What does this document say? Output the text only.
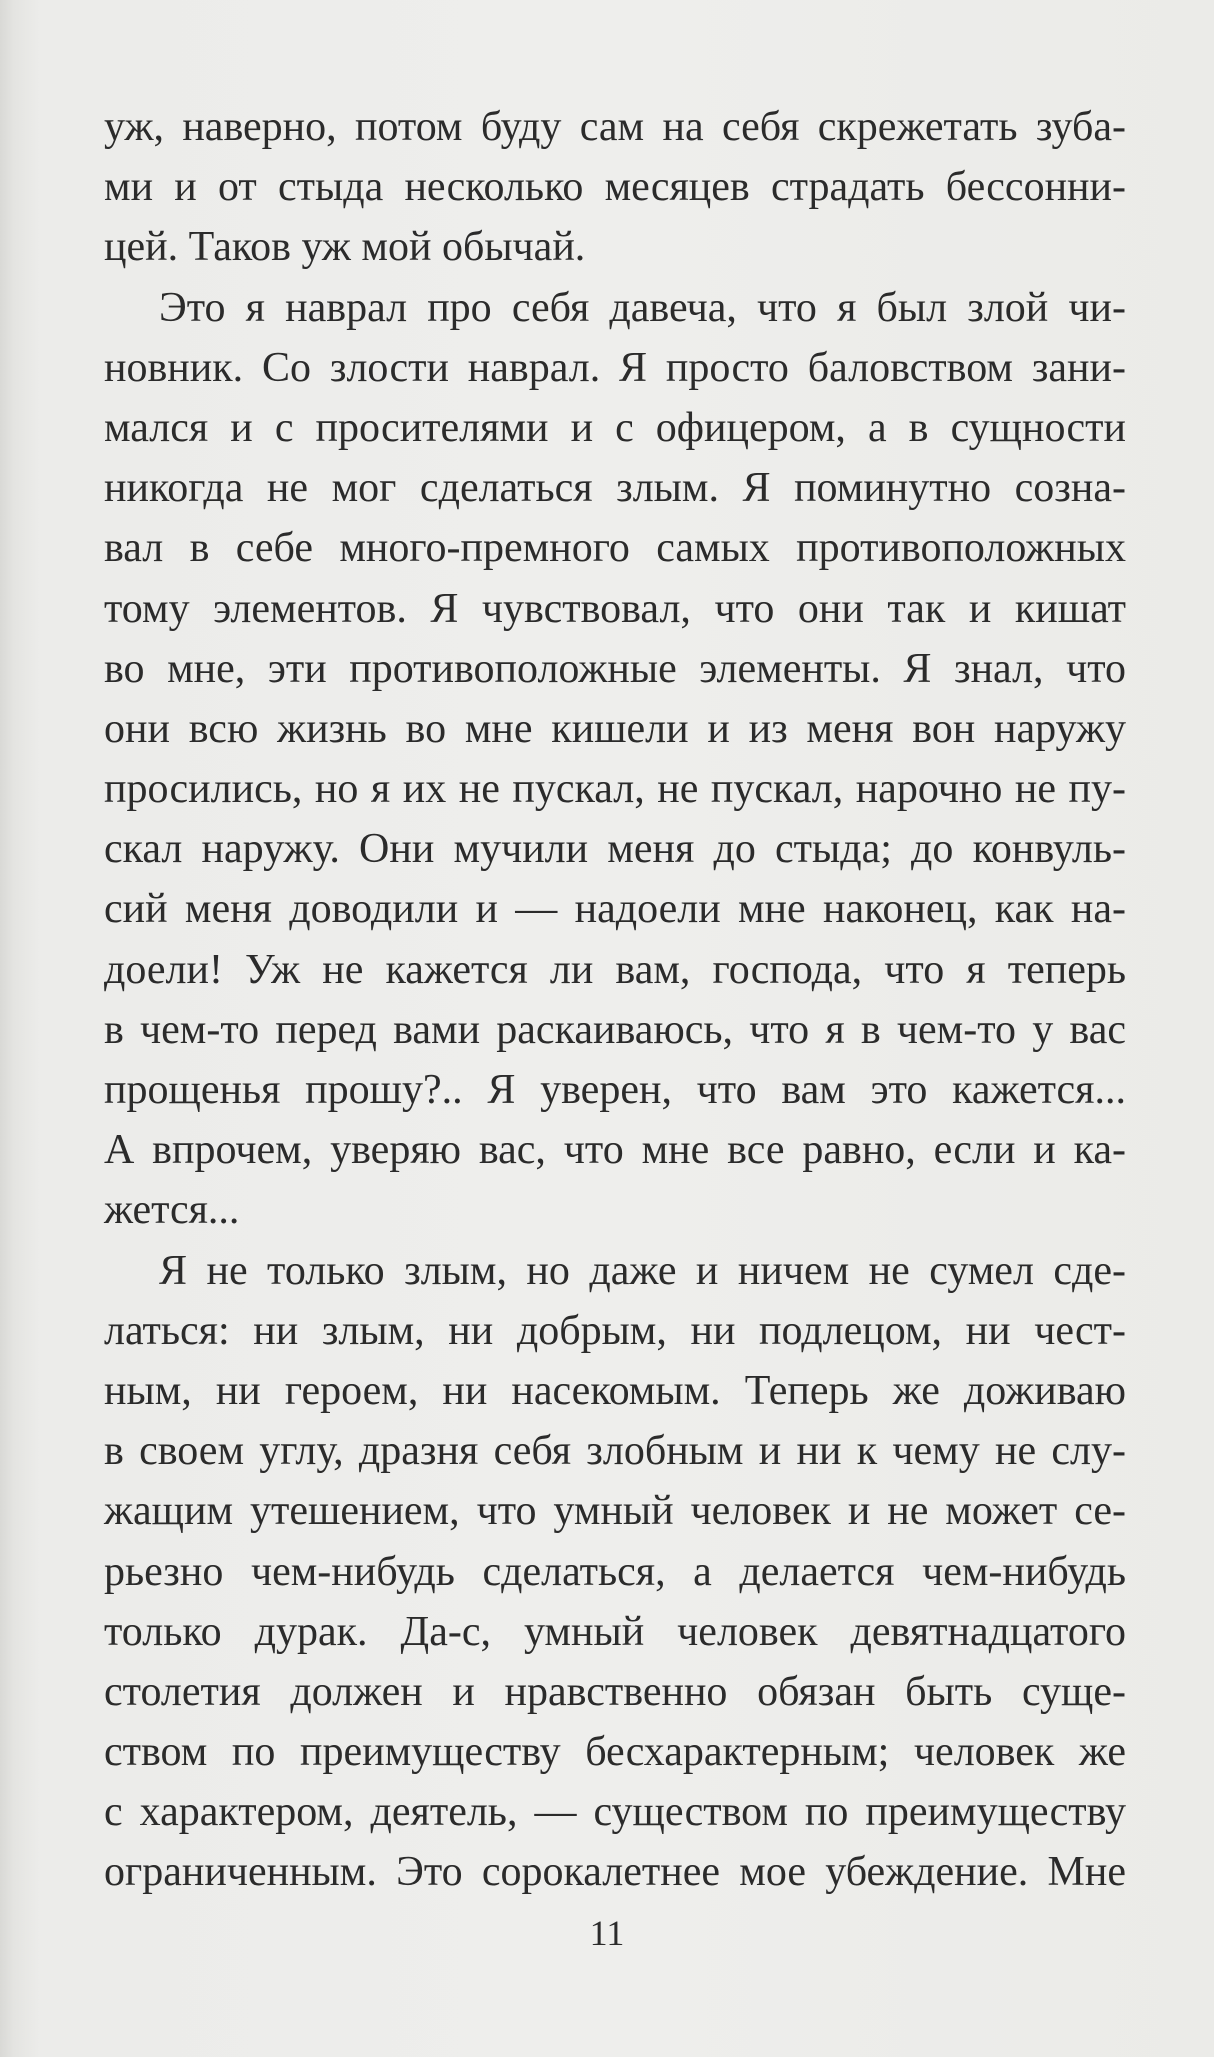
уж, наверно, потом буду сам на себя скрежетать зуба-
ми и от стыда несколько месяцев страдать бессонни-
цей. Таков уж мой обычай.
Это я наврал про себя давеча, что я был злой чи-
новник. Со злости наврал. Я просто баловством зани-
мался и с просителями и с офицером, а в сущности
никогда не мог сделаться злым. Я поминутно созна-
вал в себе много-премного самых противоположных
тому элементов. Я чувствовал, что они так и кишат
во мне, эти противоположные элементы. Я знал, что
они всю жизнь во мне кишели и из меня вон наружу
просились, но я их не пускал, не пускал, нарочно не пу-
скал наружу. Они мучили меня до стыда; до конвуль-
сий меня доводили и — надоели мне наконец, как на-
доели! Уж не кажется ли вам, господа, что я теперь
в чем-то перед вами раскаиваюсь, что я в чем-то у вас
прощенья прошу?.. Я уверен, что вам это кажется...
А впрочем, уверяю вас, что мне все равно, если и ка-
жется...
Я не только злым, но даже и ничем не сумел сде-
латься: ни злым, ни добрым, ни подлецом, ни чест-
ным, ни героем, ни насекомым. Теперь же доживаю
в своем углу, дразня себя злобным и ни к чему не слу-
жащим утешением, что умный человек и не может се-
рьезно чем-нибудь сделаться, а делается чем-нибудь
только дурак. Да-с, умный человек девятнадцатого
столетия должен и нравственно обязан быть суще-
ством по преимуществу бесхарактерным; человек же
с характером, деятель, — существом по преимуществу
ограниченным. Это сорокалетнее мое убеждение. Мне
11
